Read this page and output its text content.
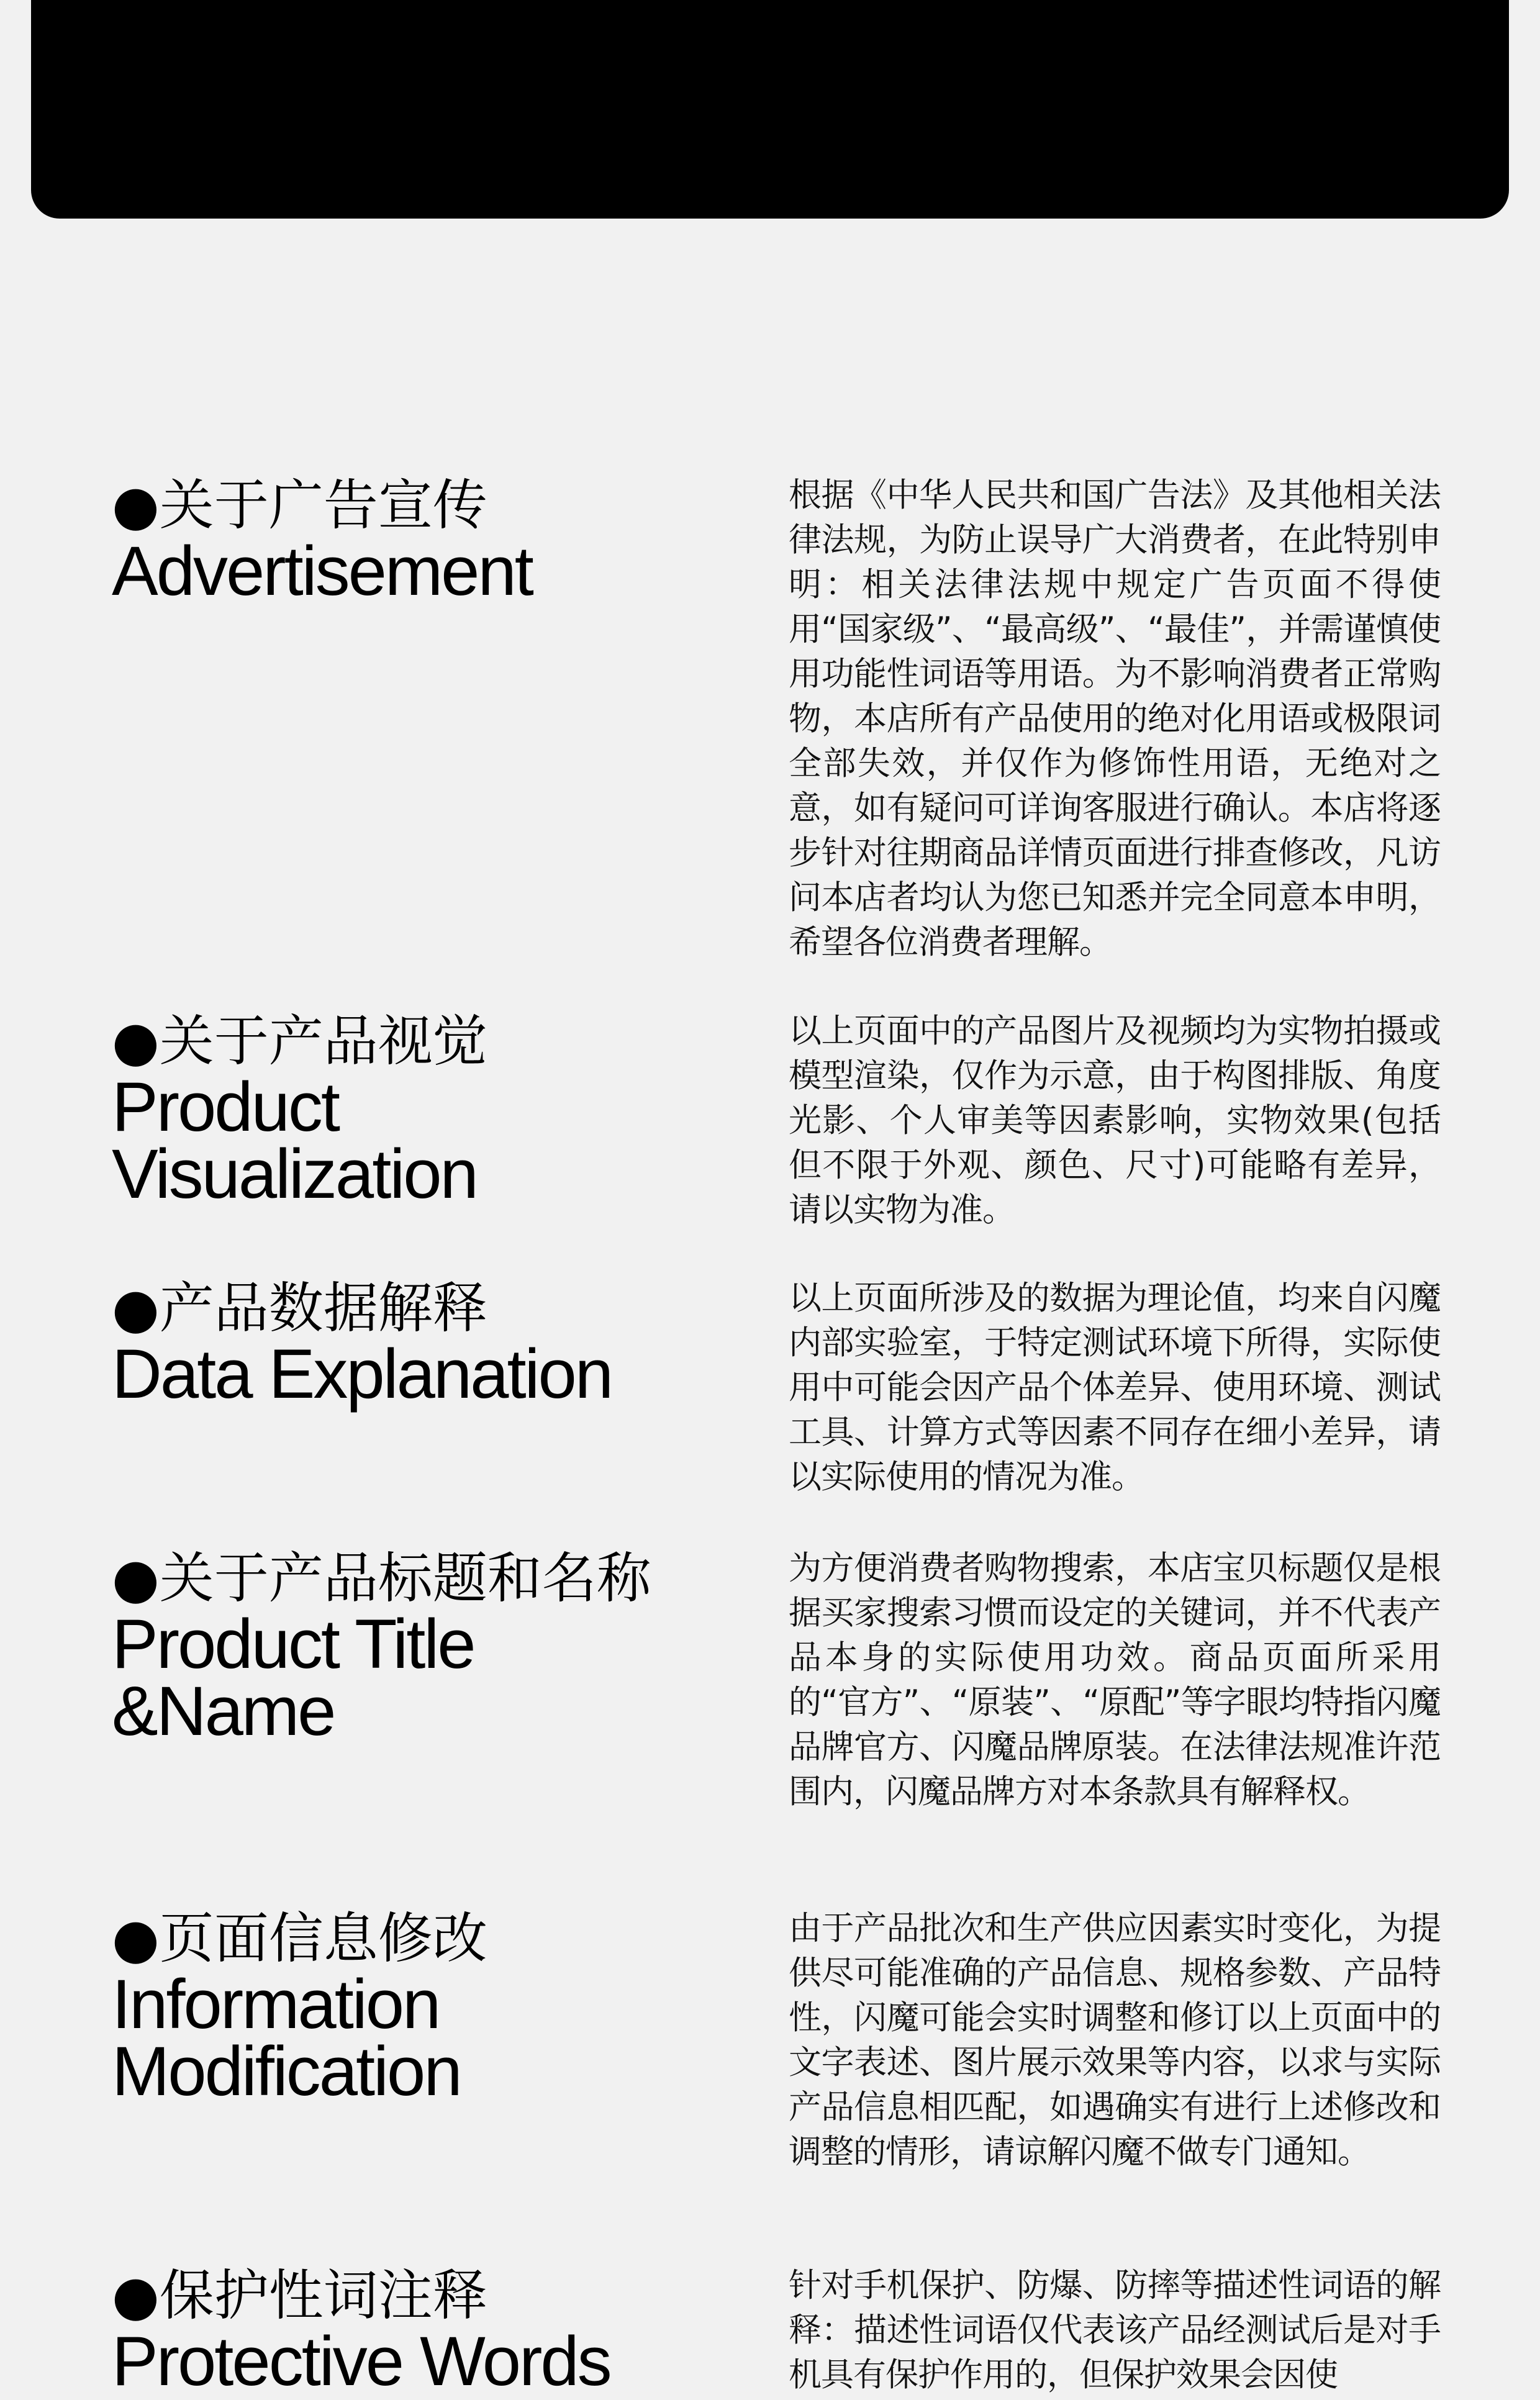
●关于广告宣传
Advertisement
根据《中华人民共和国广告法》及其他相关法律法规，为防止误导广大消费者，在此特别申明：相关法律法规中规定广告页面不得使用“国家级”、“最高级”、“最佳”，并需谨慎使用功能性词语等用语。为不影响消费者正常购物，本店所有产品使用的绝对化用语或极限词全部失效，并仅作为修饰性用语，无绝对之意，如有疑问可详询客服进行确认。本店将逐步针对往期商品详情页面进行排查修改，凡访问本店者均认为您已知悉并完全同意本申明，希望各位消费者理解。
●关于产品视觉
Product
Visualization
以上页面中的产品图片及视频均为实物拍摄或模型渲染，仅作为示意，由于构图排版、角度光影、个人审美等因素影响，实物效果(包括但不限于外观、颜色、尺寸)可能略有差异，请以实物为准。
●产品数据解释
Data Explanation
以上页面所涉及的数据为理论值，均来自闪魔内部实验室，于特定测试环境下所得，实际使用中可能会因产品个体差异、使用环境、测试工具、计算方式等因素不同存在细小差异，请以实际使用的情况为准。
●关于产品标题和名称
Product Title
&Name
为方便消费者购物搜索，本店宝贝标题仅是根据买家搜索习惯而设定的关键词，并不代表产品本身的实际使用功效。商品页面所采用的“官方”、“原装”、“原配”等字眼均特指闪魔品牌官方、闪魔品牌原装。在法律法规准许范围内，闪魔品牌方对本条款具有解释权。
●页面信息修改
Information
Modification
由于产品批次和生产供应因素实时变化，为提供尽可能准确的产品信息、规格参数、产品特性，闪魔可能会实时调整和修订以上页面中的文字表述、图片展示效果等内容，以求与实际产品信息相匹配，如遇确实有进行上述修改和调整的情形，请谅解闪魔不做专门通知。
●保护性词注释
Protective Words
针对手机保护、防爆、防摔等描述性词语的解释：描述性词语仅代表该产品经测试后是对手机具有保护作用的，但保护效果会因使
